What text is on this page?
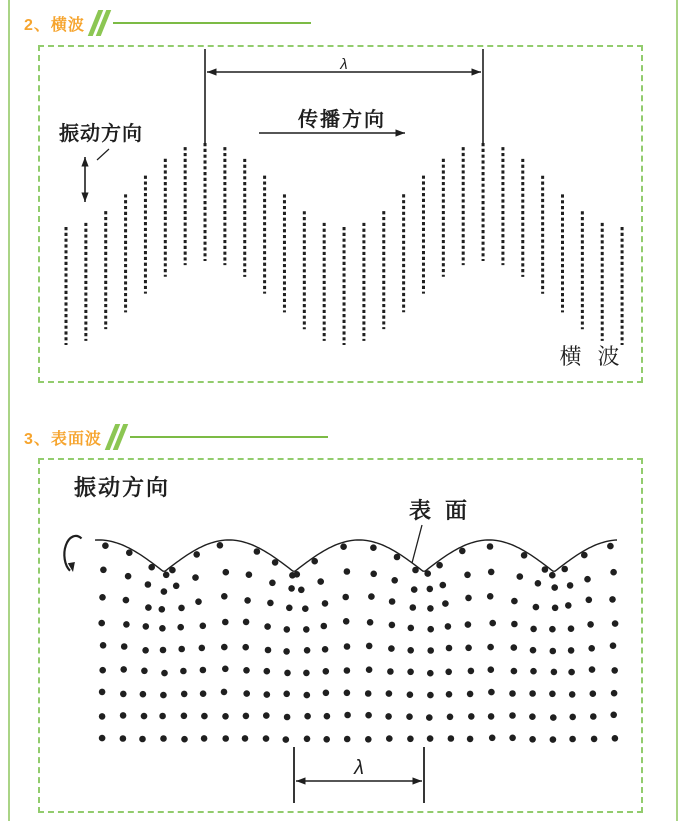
2、横波
λ
传播方向
振动方向
横 波
3、表面波
振动方向
表 面
λ
